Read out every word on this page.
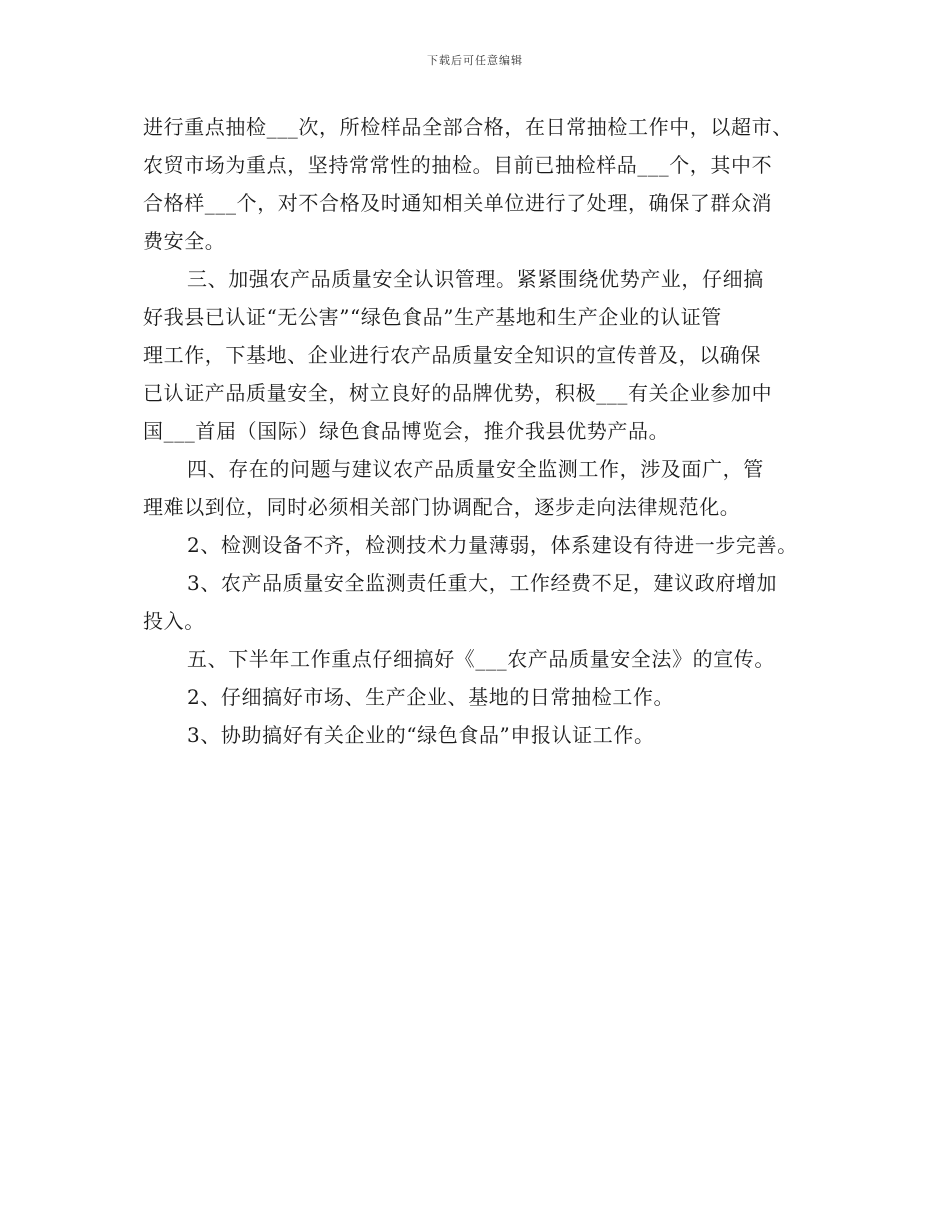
下载后可任意编辑
进行重点抽检___次，所检样品全部合格，在日常抽检工作中，以超市、
农贸市场为重点，坚持常常性的抽检。目前已抽检样品___个，其中不
合格样___个，对不合格及时通知相关单位进行了处理，确保了群众消
费安全。
三、加强农产品质量安全认识管理。紧紧围绕优势产业，仔细搞
好我县已认证“无公害”“绿色食品”生产基地和生产企业的认证管
理工作，下基地、企业进行农产品质量安全知识的宣传普及，以确保
已认证产品质量安全，树立良好的品牌优势，积极___有关企业参加中
国___首届（国际）绿色食品博览会，推介我县优势产品。
四、存在的问题与建议农产品质量安全监测工作，涉及面广，管
理难以到位，同时必须相关部门协调配合，逐步走向法律规范化。
2、检测设备不齐，检测技术力量薄弱，体系建设有待进一步完善。
3、农产品质量安全监测责任重大，工作经费不足，建议政府增加
投入。
五、下半年工作重点仔细搞好《___农产品质量安全法》的宣传。
2、仔细搞好市场、生产企业、基地的日常抽检工作。
3、协助搞好有关企业的“绿色食品”申报认证工作。
